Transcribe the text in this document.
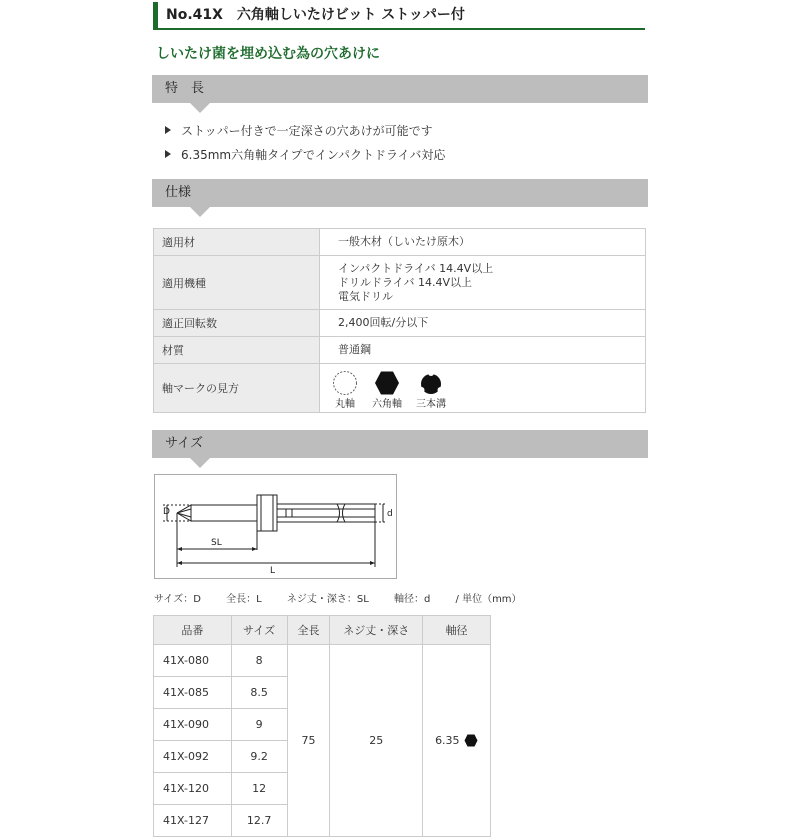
No.41X　六角軸しいたけビット ストッパー付
しいたけ菌を埋め込む為の穴あけに
特　長
ストッパー付きで一定深さの穴あけが可能です
6.35mm六角軸タイプでインパクトドライバ対応
仕様
適用材	一般木材（しいたけ原木）
適用機種	インパクトドライバ 14.4V以上
ドリルドライバ 14.4V以上
電気ドリル

適正回転数	2,400回転/分以下
材質	普通鋼
軸マークの見方	丸軸 六角軸 三本溝
サイズ
D	d
SL
L
サイズ：D	全長：L	ネジ丈・深さ：SL	軸径：d	/ 単位（mm）
品番	サイズ	全長	ネジ丈・深さ	軸径
41X-080	8	75	25	6.35
41X-085	8.5			
41X-090	9			
41X-092	9.2			
41X-120	12			
41X-127	12.7			
